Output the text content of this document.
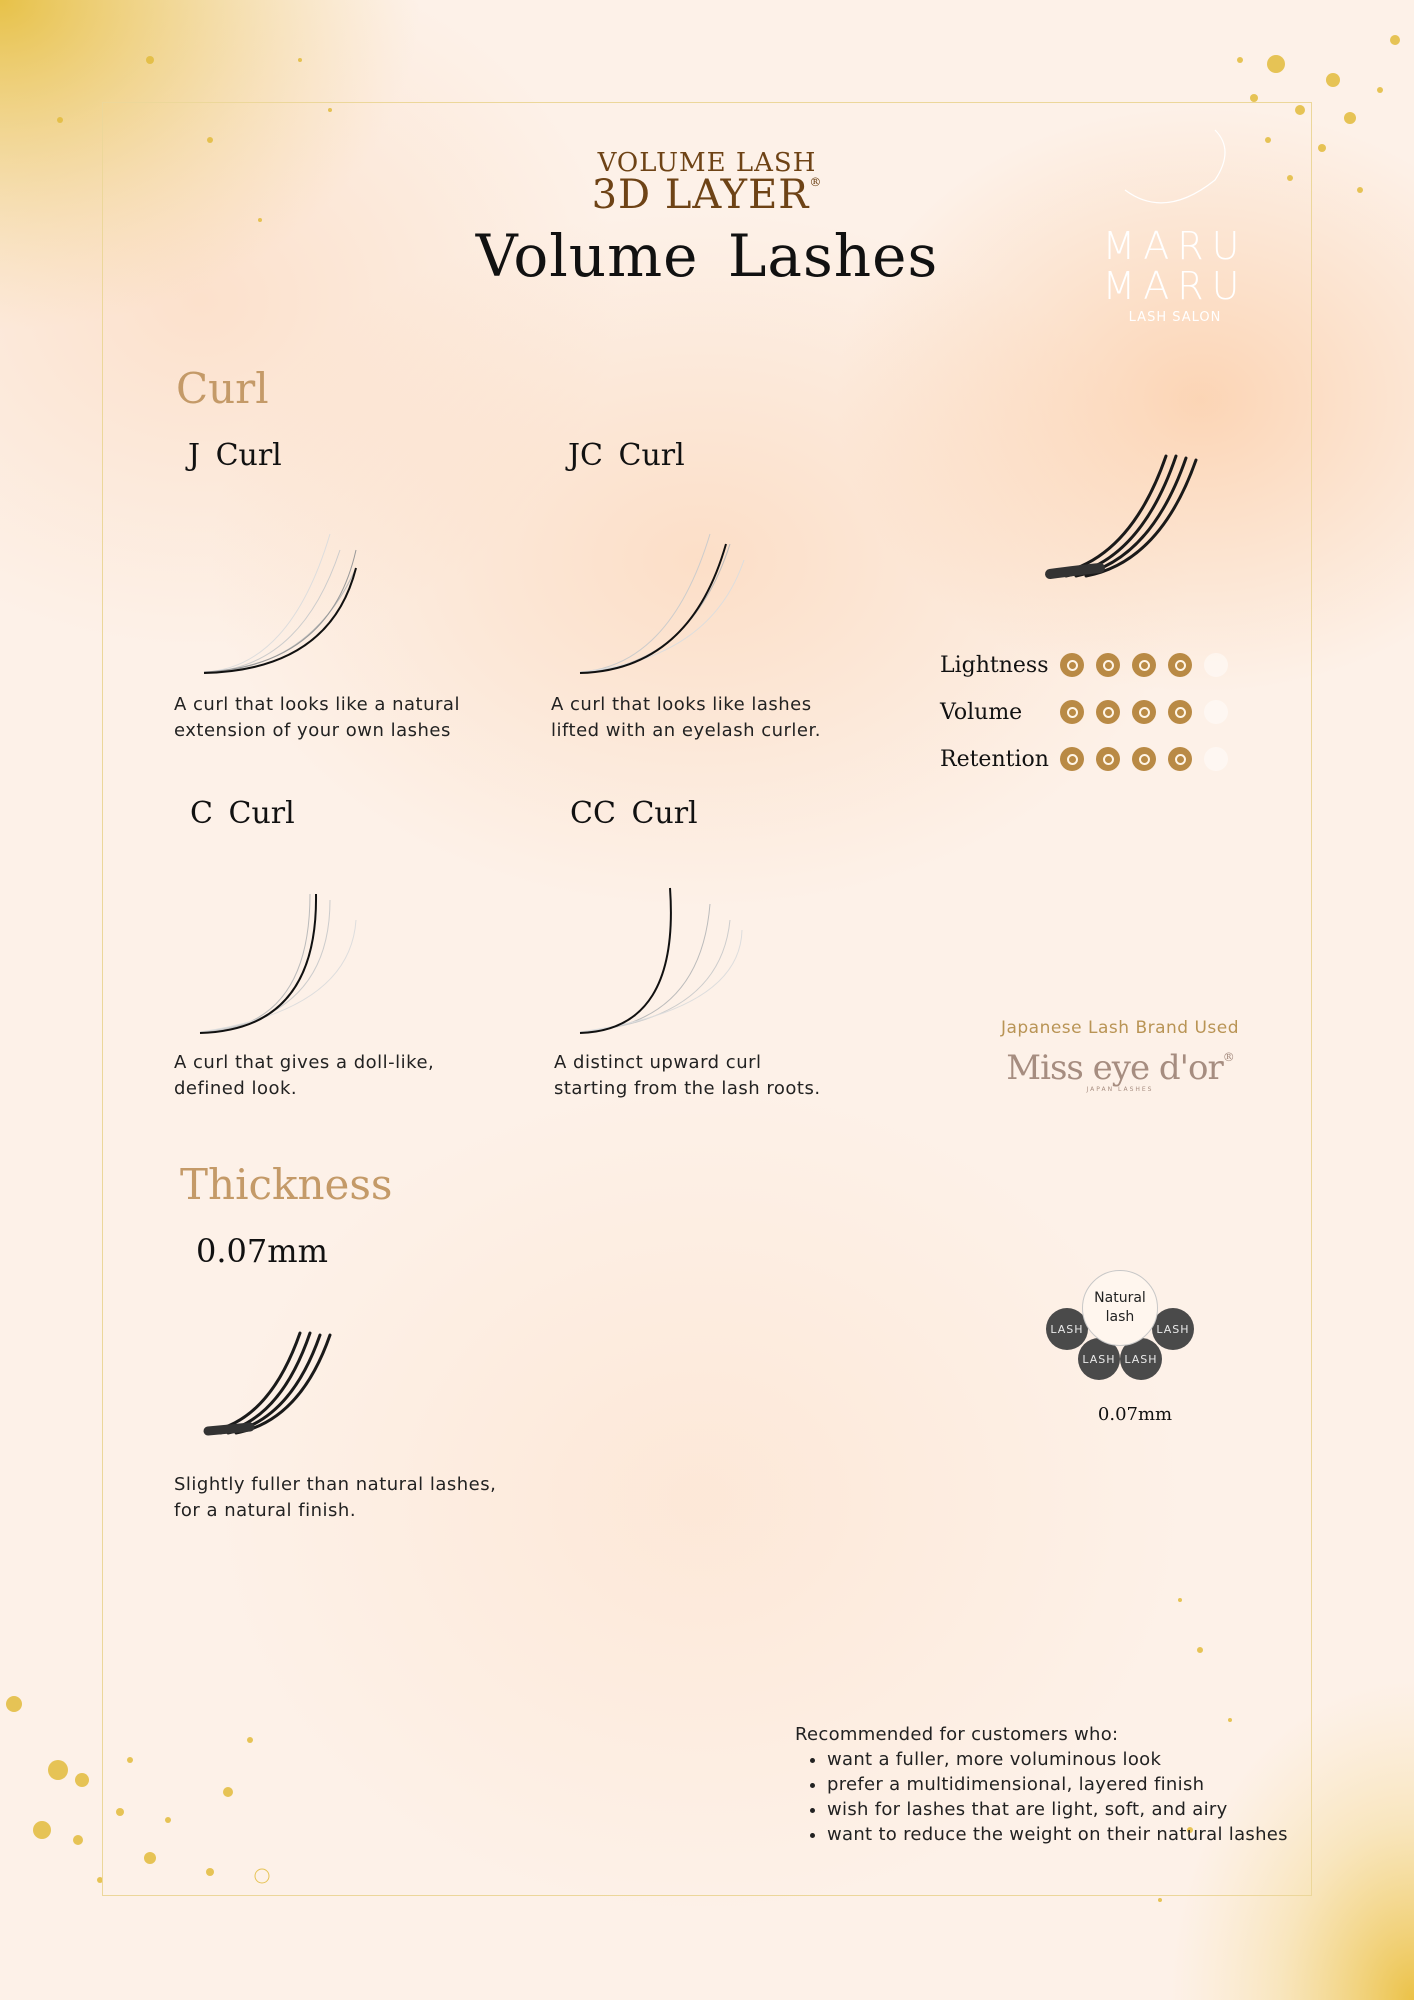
VOLUME LASH
3D LAYER®
Volume Lashes	MARU
MARU
LASH SALON
Curl
J Curl
A curl that looks like a natural
extension of your own lashes
JC Curl
A curl that looks like lashes
lifted with an eyelash curler.
C Curl
A curl that gives a doll-like,
defined look.
CC Curl
A distinct upward curl
starting from the lash roots.
Lightness
Volume
Retention
Japanese Lash Brand Used
Miss eye d'or®
JAPAN LASHES
Thickness
0.07mm
Slightly fuller than natural lashes,
for a natural finish.
LASH
LASH LASH
LASH
Natural
lash
0.07mm
Recommended for customers who:
• want a fuller, more voluminous look
• prefer a multidimensional, layered finish
• wish for lashes that are light, soft, and airy
• want to reduce the weight on their natural lashes
